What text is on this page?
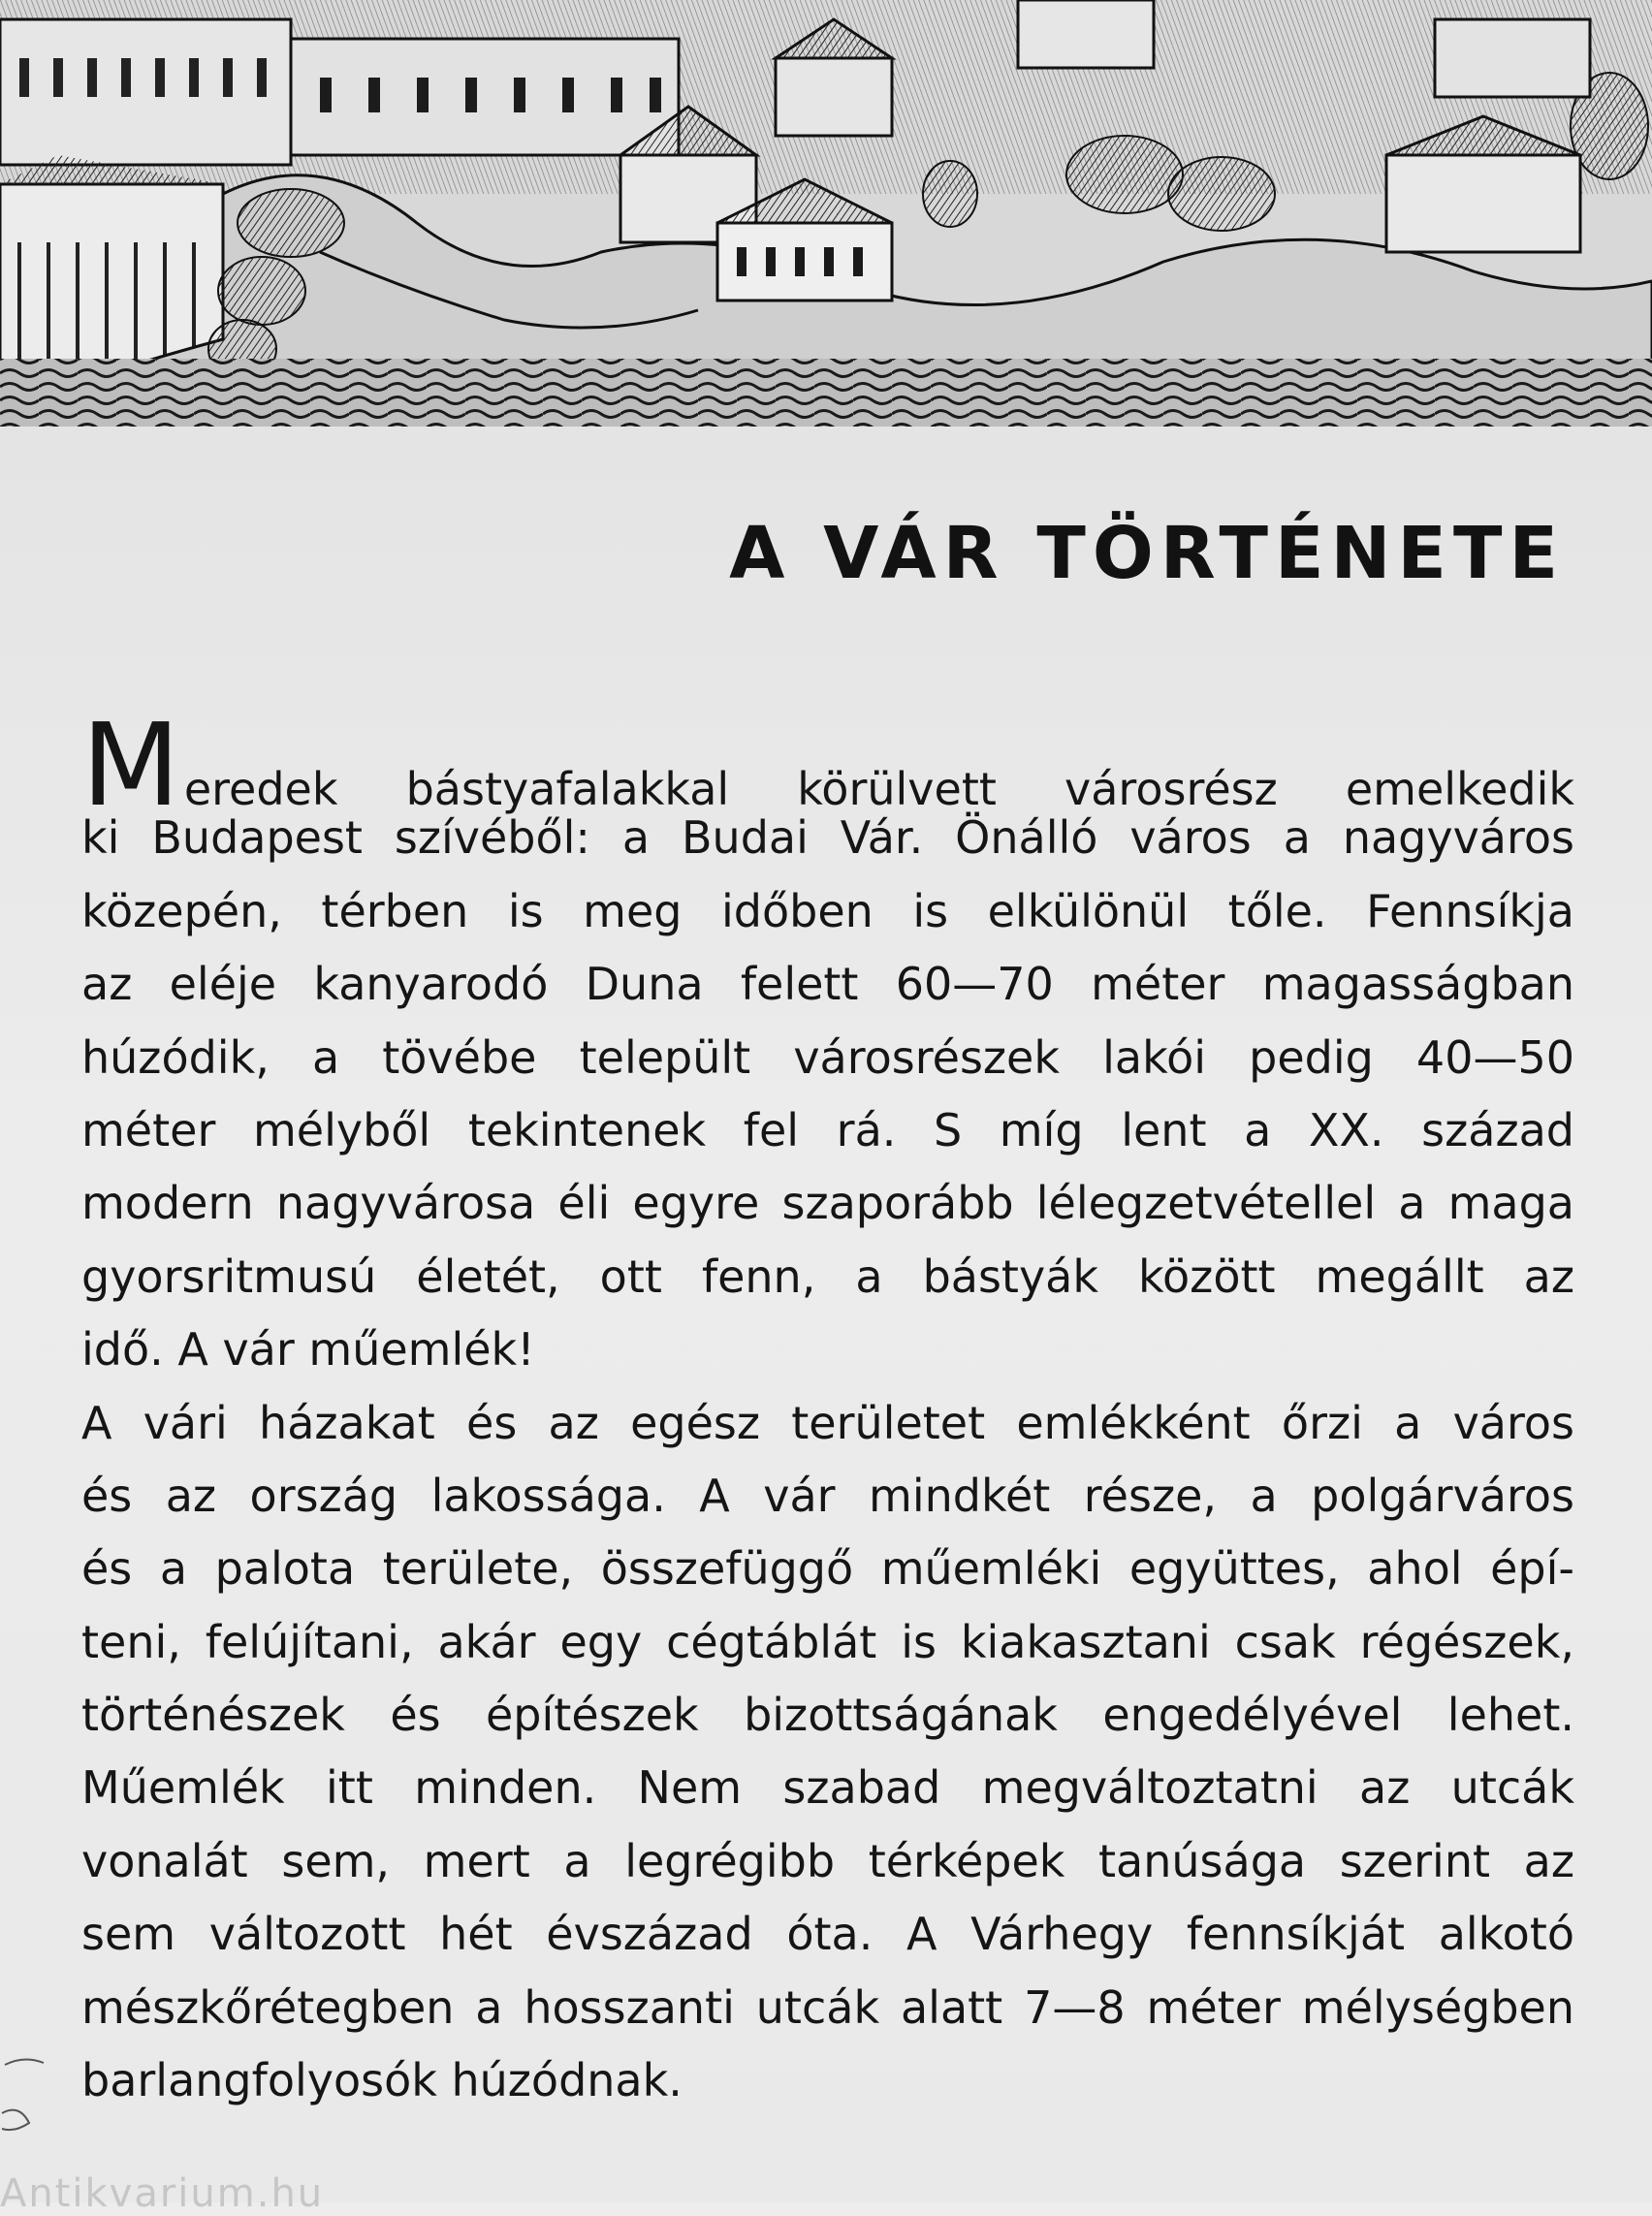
A VÁR TÖRTÉNETE
Meredek bástyafalakkal körülvett városrész emelkedik
ki Budapest szívéből: a Budai Vár. Önálló város a nagyváros
közepén, térben is meg időben is elkülönül tőle. Fennsíkja
az eléje kanyarodó Duna felett 60—70 méter magasságban
húzódik, a tövébe települt városrészek lakói pedig 40—50
méter mélyből tekintenek fel rá. S míg lent a XX. század
modern nagyvárosa éli egyre szaporább lélegzetvétellel a maga
gyorsritmusú életét, ott fenn, a bástyák között megállt az
idő. A vár műemlék!
A vári házakat és az egész területet emlékként őrzi a város
és az ország lakossága. A vár mindkét része, a polgárváros
és a palota területe, összefüggő műemléki együttes, ahol épí-
teni, felújítani, akár egy cégtáblát is kiakasztani csak régészek,
történészek és építészek bizottságának engedélyével lehet.
Műemlék itt minden. Nem szabad megváltoztatni az utcák
vonalát sem, mert a legrégibb térképek tanúsága szerint az
sem változott hét évszázad óta. A Várhegy fennsíkját alkotó
mészkőrétegben a hosszanti utcák alatt 7—8 méter mélységben
barlangfolyosók húzódnak.
Antikvarium.hu
